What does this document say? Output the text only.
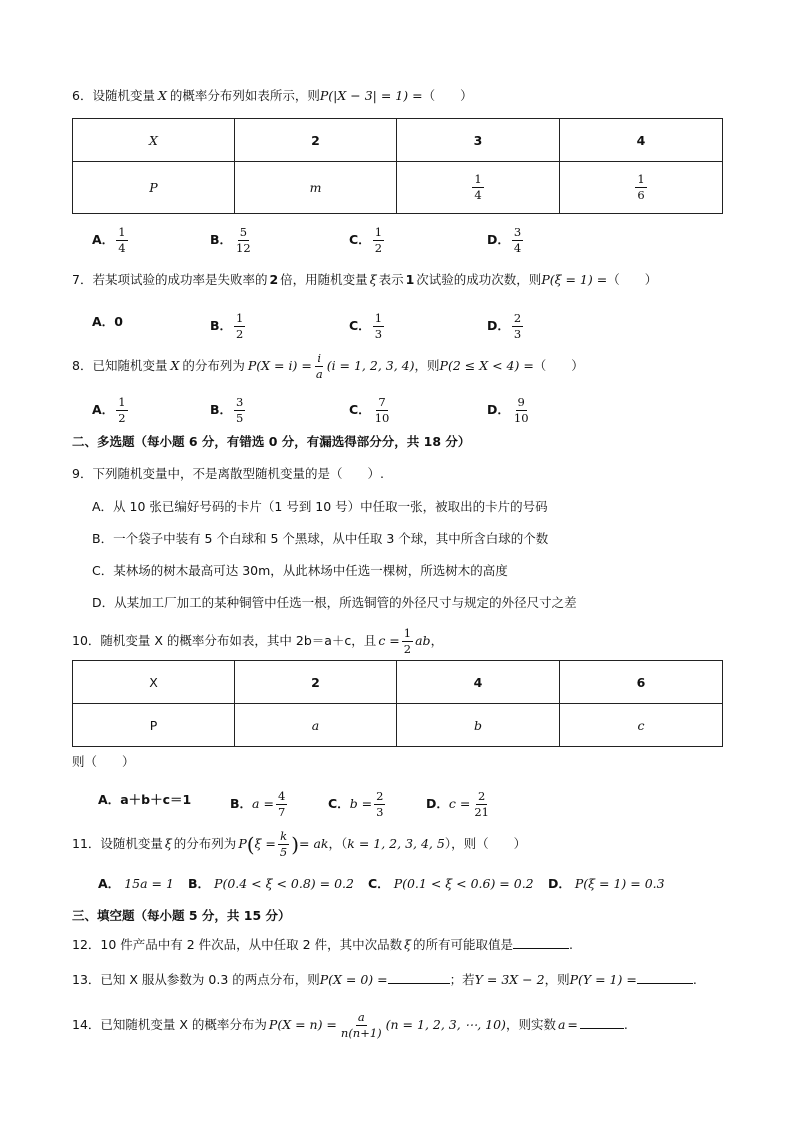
6．设随机变量 X 的概率分布列如表所示，则P(|X − 3| = 1) =（　　）
X	2	3	4
P	m	$\frac{1}{4}$	$\frac{1}{6}$
A． $\frac{1}{4}$	B． $\frac{5}{12}$	C． $\frac{1}{2}$	D． $\frac{3}{4}$
7．若某项试验的成功率是失败率的 2 倍，用随机变量 ξ 表示 1 次试验的成功次数，则P(ξ = 1) =（　　）
A．0	B． $\frac{1}{2}$	C． $\frac{1}{3}$	D． $\frac{2}{3}$
8．已知随机变量 X 的分布列为 $P(X = i) = \frac{i}{a} (i = 1$, 2, 3, 4)，则P(2 ≤ X < 4) =（　　）
A． $\frac{1}{2}$	B． $\frac{3}{5}$	C． $\frac{7}{10}$	D． $\frac{9}{10}$
二、多选题（每小题 6 分，有错选 0 分，有漏选得部分分，共 18 分）
9．下列随机变量中，不是离散型随机变量的是（　　）.
A．从 10 张已编好号码的卡片（1 号到 10 号）中任取一张，被取出的卡片的号码
B．一个袋子中装有 5 个白球和 5 个黑球，从中任取 3 个球，其中所含白球的个数
C．某林场的树木最高可达 30m，从此林场中任选一棵树，所选树木的高度
D．从某加工厂加工的某种铜管中任选一根，所选铜管的外径尺寸与规定的外径尺寸之差
10．随机变量 X 的概率分布如表，其中 2b＝a＋c，且 $c = \frac{1}{2}$ ab，
X	2	4	6
P	a	b	c
则（　　）
A．a＋b＋c＝1	B．$a = \frac{4}{7}$	C．$b = \frac{2}{3}$	D．$c = \frac{2}{21}$
11．设随机变量 ξ 的分布列为 $P(\xi = \frac{k}{5}$ )= ak，（k = 1, 2, 3, 4, 5），则（　　）
A． 15a = 1 B． P(0.4 < ξ < 0.8) = 0.2 C． P(0.1 < ξ < 0.6) = 0.2 D． P(ξ = 1) = 0.3
三、填空题（每小题 5 分，共 15 分）
12．10 件产品中有 2 件次品，从中任取 2 件，其中次品数 ξ 的所有可能取值是	.
13．已知 X 服从参数为 0.3 的两点分布，则P(X = 0) =	；若Y = 3X − 2，则P(Y = 1) =	.
14．已知随机变量 X 的概率分布为 $P(X = n) = \frac{a}{n(n+1)} (n = 1$, 2, 3, ⋯, 10)，则实数 a =	.
